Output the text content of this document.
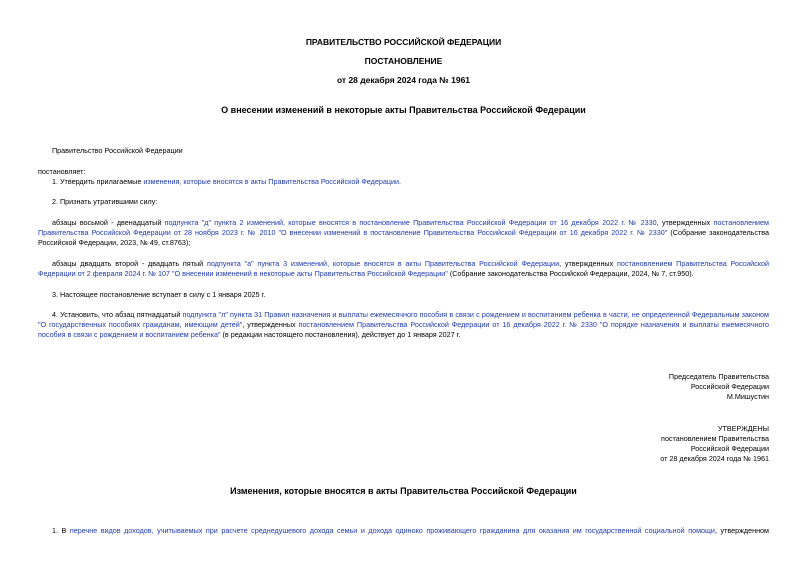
ПРАВИТЕЛЬСТВО РОССИЙСКОЙ ФЕДЕРАЦИИ
ПОСТАНОВЛЕНИЕ
от 28 декабря 2024 года № 1961
О внесении изменений в некоторые акты Правительства Российской Федерации
Правительство Российской Федерации
постановляет:
1. Утвердить прилагаемые изменения, которые вносятся в акты Правительства Российской Федерации.
2. Признать утратившими силу:
абзацы восьмой - двенадцатый подпункта "д" пункта 2 изменений, которые вносятся в постановление Правительства Российской Федерации от 16 декабря 2022 г. № 2330, утвержденных постановлением Правительства Российской Федерации от 28 ноября 2023 г. № 2010 "О внесении изменений в постановление Правительства Российской Федерации от 16 декабря 2022 г. № 2330" (Собрание законодательства Российской Федерации, 2023, № 49, ст.8763);
абзацы двадцать второй - двадцать пятый подпункта "а" пункта 3 изменений, которые вносятся в акты Правительства Российской Федерации, утвержденных постановлением Правительства Российской Федерации от 2 февраля 2024 г. № 107 "О внесении изменений в некоторые акты Правительства Российской Федерации" (Собрание законодательства Российской Федерации, 2024, № 7, ст.950).
3. Настоящее постановление вступает в силу с 1 января 2025 г.
4. Установить, что абзац пятнадцатый подпункта "л" пункта 31 Правил назначения и выплаты ежемесячного пособия в связи с рождением и воспитанием ребенка в части, не определенной Федеральным законом "О государственных пособиях гражданам, имеющим детей", утвержденных постановлением Правительства Российской Федерации от 16 декабря 2022 г. № 2330 "О порядке назначения и выплаты ежемесячного пособия в связи с рождением и воспитанием ребенка" (в редакции настоящего постановления), действует до 1 января 2027 г.
Председатель Правительства
Российской Федерации
М.Мишустин
УТВЕРЖДЕНЫ
постановлением Правительства
Российской Федерации
от 28 декабря 2024 года № 1961
Изменения, которые вносятся в акты Правительства Российской Федерации
1. В перечне видов доходов, учитываемых при расчете среднедушевого дохода семьи и дохода одиноко проживающего гражданина для оказания им государственной социальной помощи, утвержденном
